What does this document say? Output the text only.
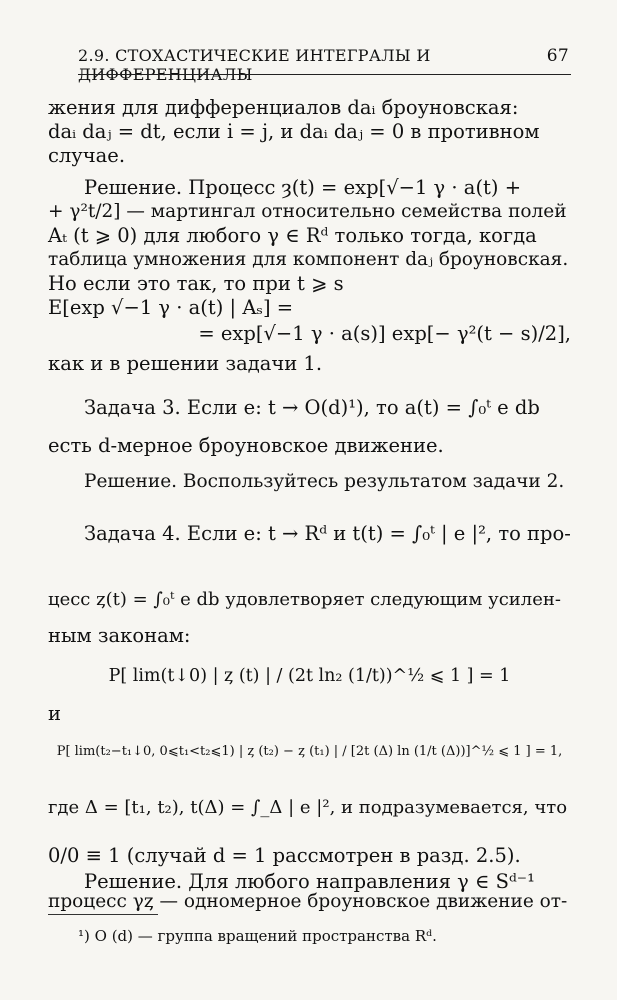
2.9. СТОХАСТИЧЕСКИЕ ИНТЕГРАЛЫ И ДИФФЕРЕНЦИАЛЫ
67
жения для дифференциалов daᵢ броуновская:
daᵢ daⱼ = dt, если i = j, и daᵢ daⱼ = 0 в противном
случае.
Решение. Процесс ȝ(t) = exp[√−1 γ · a(t) +
+ γ²t/2] — мартингал относительно семейства полей
Aₜ (t ⩾ 0) для любого γ ∈ Rᵈ только тогда, когда
таблица умножения для компонент daⱼ броуновская.
Но если это так, то при t ⩾ s
E[exp √−1 γ · a(t) | Aₛ] =
= exp[√−1 γ · a(s)] exp[− γ²(t − s)/2],
как и в решении задачи 1.
Задача 3. Если e: t → O(d)¹), то a(t) = ∫₀ᵗ e db
есть d-мерное броуновское движение.
Решение. Воспользуйтесь результатом задачи 2.
Задача 4. Если e: t → Rᵈ и t(t) = ∫₀ᵗ | e |², то про-
цесс ȥ(t) = ∫₀ᵗ e db удовлетворяет следующим усилен-
ным законам:
P[ lim(t↓0) | ȥ (t) | / (2t ln₂ (1/t))^½ ⩽ 1 ] = 1
и
P[ lim(t₂−t₁↓0, 0⩽t₁<t₂⩽1) | ȥ (t₂) − ȥ (t₁) | / [2t (Δ) ln (1/t (Δ))]^½ ⩽ 1 ] = 1,
где Δ = [t₁, t₂), t(Δ) = ∫_Δ | e |², и подразумевается, что
0/0 ≡ 1 (случай d = 1 рассмотрен в разд. 2.5).
Решение. Для любого направления γ ∈ Sᵈ⁻¹
процесс γȥ — одномерное броуновское движение от-
¹) O (d) — группа вращений пространства Rᵈ.
